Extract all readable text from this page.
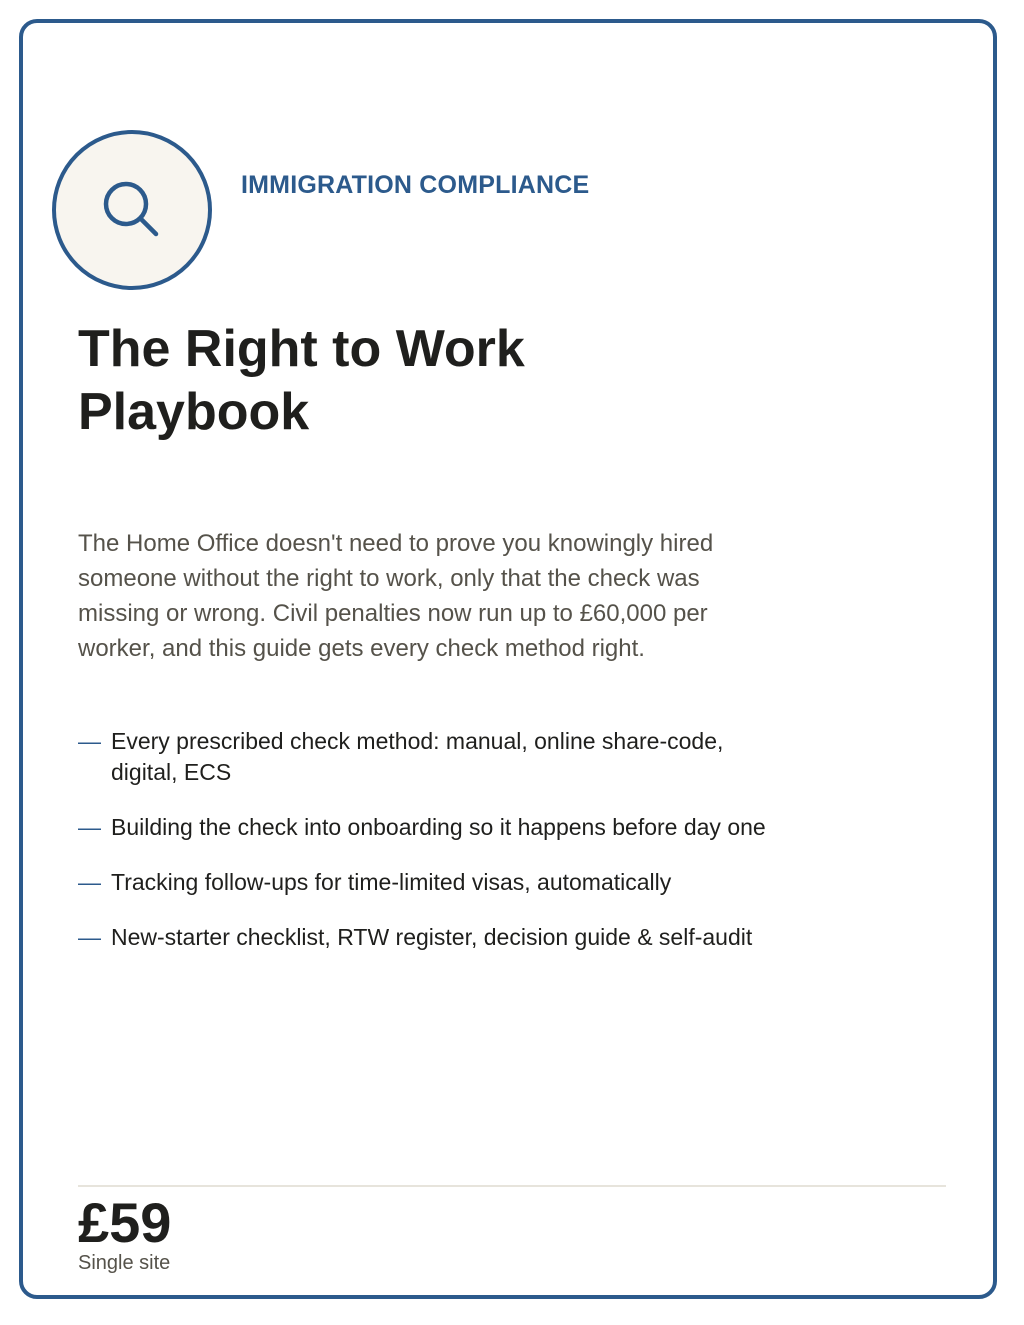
IMMIGRATION COMPLIANCE
The Right to Work
Playbook

The Home Office doesn't need to prove you knowingly hired
someone without the right to work, only that the check was
missing or wrong. Civil penalties now run up to £60,000 per
worker, and this guide gets every check method right.

— Every prescribed check method: manual, online share-code,
digital, ECS
— Building the check into onboarding so it happens before day one
— Tracking follow-ups for time-limited visas, automatically
— New-starter checklist, RTW register, decision guide & self-audit
£59
Single site
